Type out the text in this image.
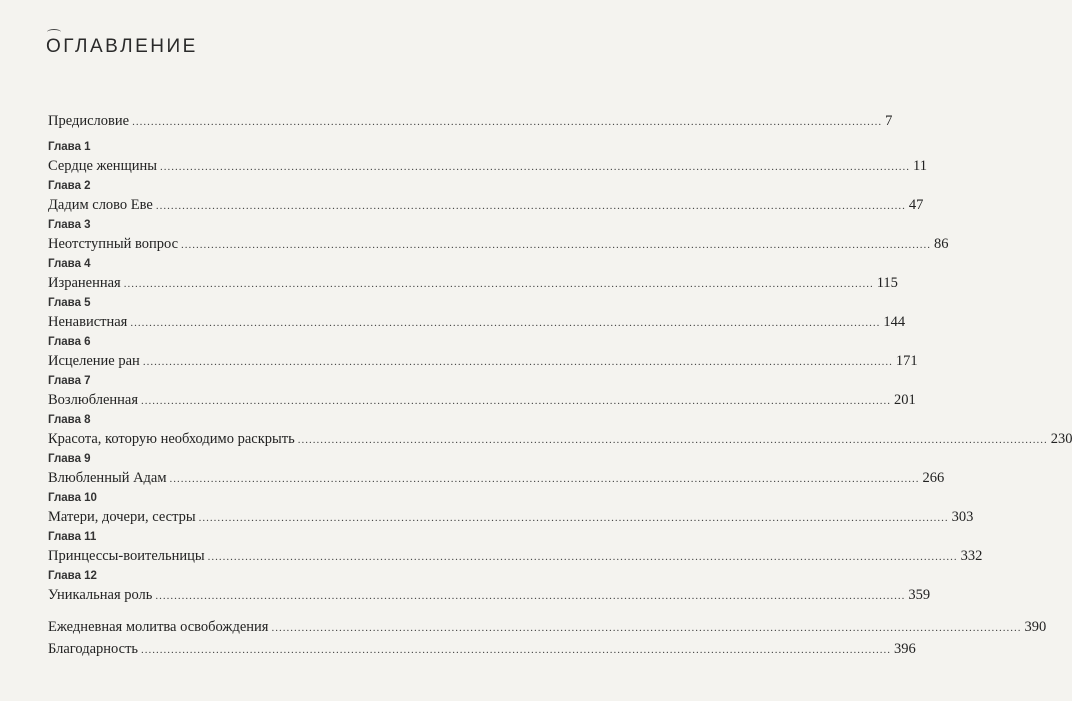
ОГЛАВЛЕНИЕ
Предисловие ........................................................................................................................................................................................................ 7
Глава 1
Сердце женщины ........................................................................................................................................................................................................ 11
Глава 2
Дадим слово Еве ........................................................................................................................................................................................................ 47
Глава 3
Неотступный вопрос ........................................................................................................................................................................................................ 86
Глава 4
Израненная ........................................................................................................................................................................................................ 115
Глава 5
Ненавистная ........................................................................................................................................................................................................ 144
Глава 6
Исцеление ран ........................................................................................................................................................................................................ 171
Глава 7
Возлюбленная ........................................................................................................................................................................................................ 201
Глава 8
Красота, которую необходимо раскрыть ........................................................................................................................................................................................................ 230
Глава 9
Влюбленный Адам ........................................................................................................................................................................................................ 266
Глава 10
Матери, дочери, сестры ........................................................................................................................................................................................................ 303
Глава 11
Принцессы-воительницы ........................................................................................................................................................................................................ 332
Глава 12
Уникальная роль ........................................................................................................................................................................................................ 359
Ежедневная молитва освобождения ........................................................................................................................................................................................................ 390
Благодарность ........................................................................................................................................................................................................ 396
